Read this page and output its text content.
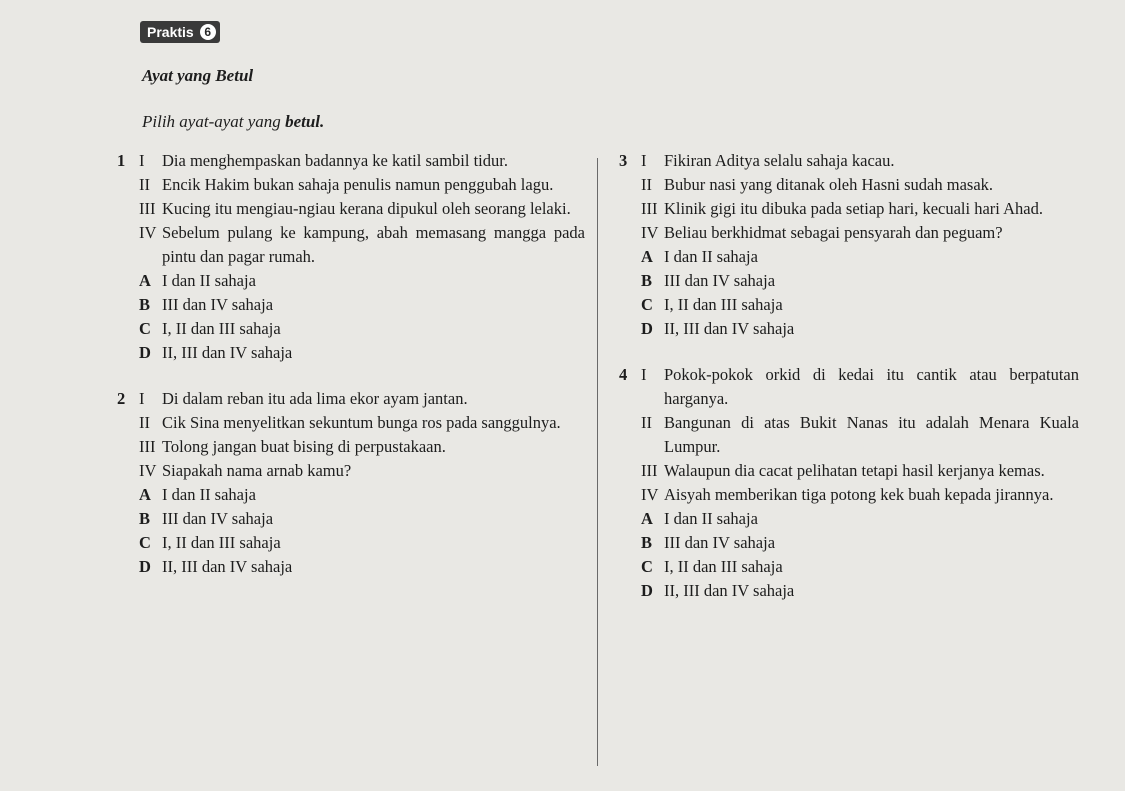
Praktis 6
Ayat yang Betul
Pilih ayat-ayat yang betul.
1 I	Dia menghempaskan badannya ke katil sambil tidur.
II Encik Hakim bukan sahaja penulis namun penggubah lagu.
III Kucing itu mengiau-ngiau kerana dipukul oleh seorang lelaki.
IV Sebelum pulang ke kampung, abah memasang mangga pada pintu dan pagar rumah.
A I dan II sahaja
B III dan IV sahaja
C I, II dan III sahaja
D II, III dan IV sahaja
2 I	Di dalam reban itu ada lima ekor ayam jantan.
II Cik Sina menyelitkan sekuntum bunga ros pada sanggulnya.
III Tolong jangan buat bising di perpustakaan.
IV Siapakah nama arnab kamu?
A I dan II sahaja
B III dan IV sahaja
C I, II dan III sahaja
D II, III dan IV sahaja
3 I	Fikiran Aditya selalu sahaja kacau.
II Bubur nasi yang ditanak oleh Hasni sudah masak.
III Klinik gigi itu dibuka pada setiap hari, kecuali hari Ahad.
IV Beliau berkhidmat sebagai pensyarah dan peguam?
A I dan II sahaja
B III dan IV sahaja
C I, II dan III sahaja
D II, III dan IV sahaja
4 I	Pokok-pokok orkid di kedai itu cantik atau berpatutan harganya.
II Bangunan di atas Bukit Nanas itu adalah Menara Kuala Lumpur.
III Walaupun dia cacat pelihatan tetapi hasil kerjanya kemas.
IV Aisyah memberikan tiga potong kek buah kepada jirannya.
A I dan II sahaja
B III dan IV sahaja
C I, II dan III sahaja
D II, III dan IV sahaja
